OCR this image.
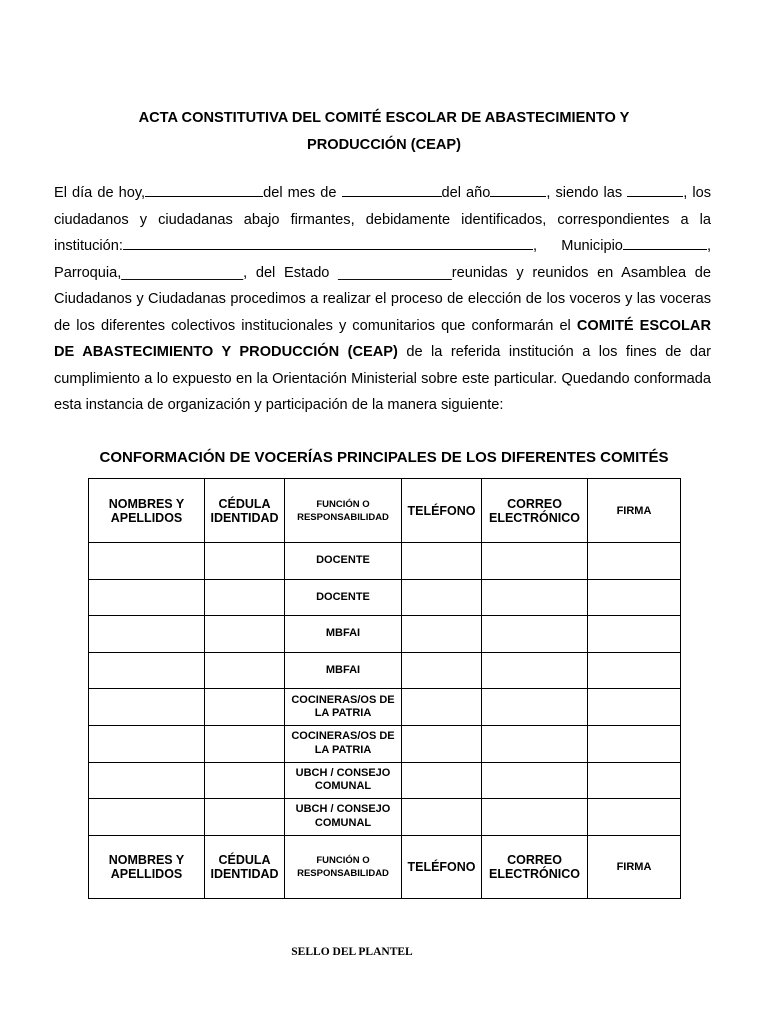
ACTA CONSTITUTIVA DEL COMITÉ ESCOLAR DE ABASTECIMIENTO Y
PRODUCCIÓN (CEAP)

El día de hoy,	del mes de	del año	, siendo las	, los ciudadanos y ciudadanas abajo firmantes, debidamente identificados, correspondientes a la institución:	, Municipio	, Parroquia,_______________, del Estado ______________reunidas y reunidos en Asamblea de Ciudadanos y Ciudadanas procedimos a realizar el proceso de elección de los voceros y las voceras de los diferentes colectivos institucionales y comunitarios que conformarán el COMITÉ ESCOLAR DE ABASTECIMIENTO Y PRODUCCIÓN (CEAP) de la referida institución a los fines de dar cumplimiento a lo expuesto en la Orientación Ministerial sobre este particular. Quedando conformada esta instancia de organización y participación de la manera siguiente:

CONFORMACIÓN DE VOCERÍAS PRINCIPALES DE LOS DIFERENTES COMITÉS
NOMBRES Y APELLIDOS	CÉDULA IDENTIDAD	FUNCIÓN O RESPONSABILIDAD	TELÉFONO	CORREO ELECTRÓNICO	FIRMA
		DOCENTE			
		DOCENTE			
		MBFAI			
		MBFAI			
		COCINERAS/OS DE LA PATRIA			
		COCINERAS/OS DE LA PATRIA			
		UBCH / CONSEJO COMUNAL			
		UBCH / CONSEJO COMUNAL			
NOMBRES Y APELLIDOS	CÉDULA IDENTIDAD	FUNCIÓN O RESPONSABILIDAD	TELÉFONO	CORREO ELECTRÓNICO	FIRMA
SELLO DEL PLANTEL
